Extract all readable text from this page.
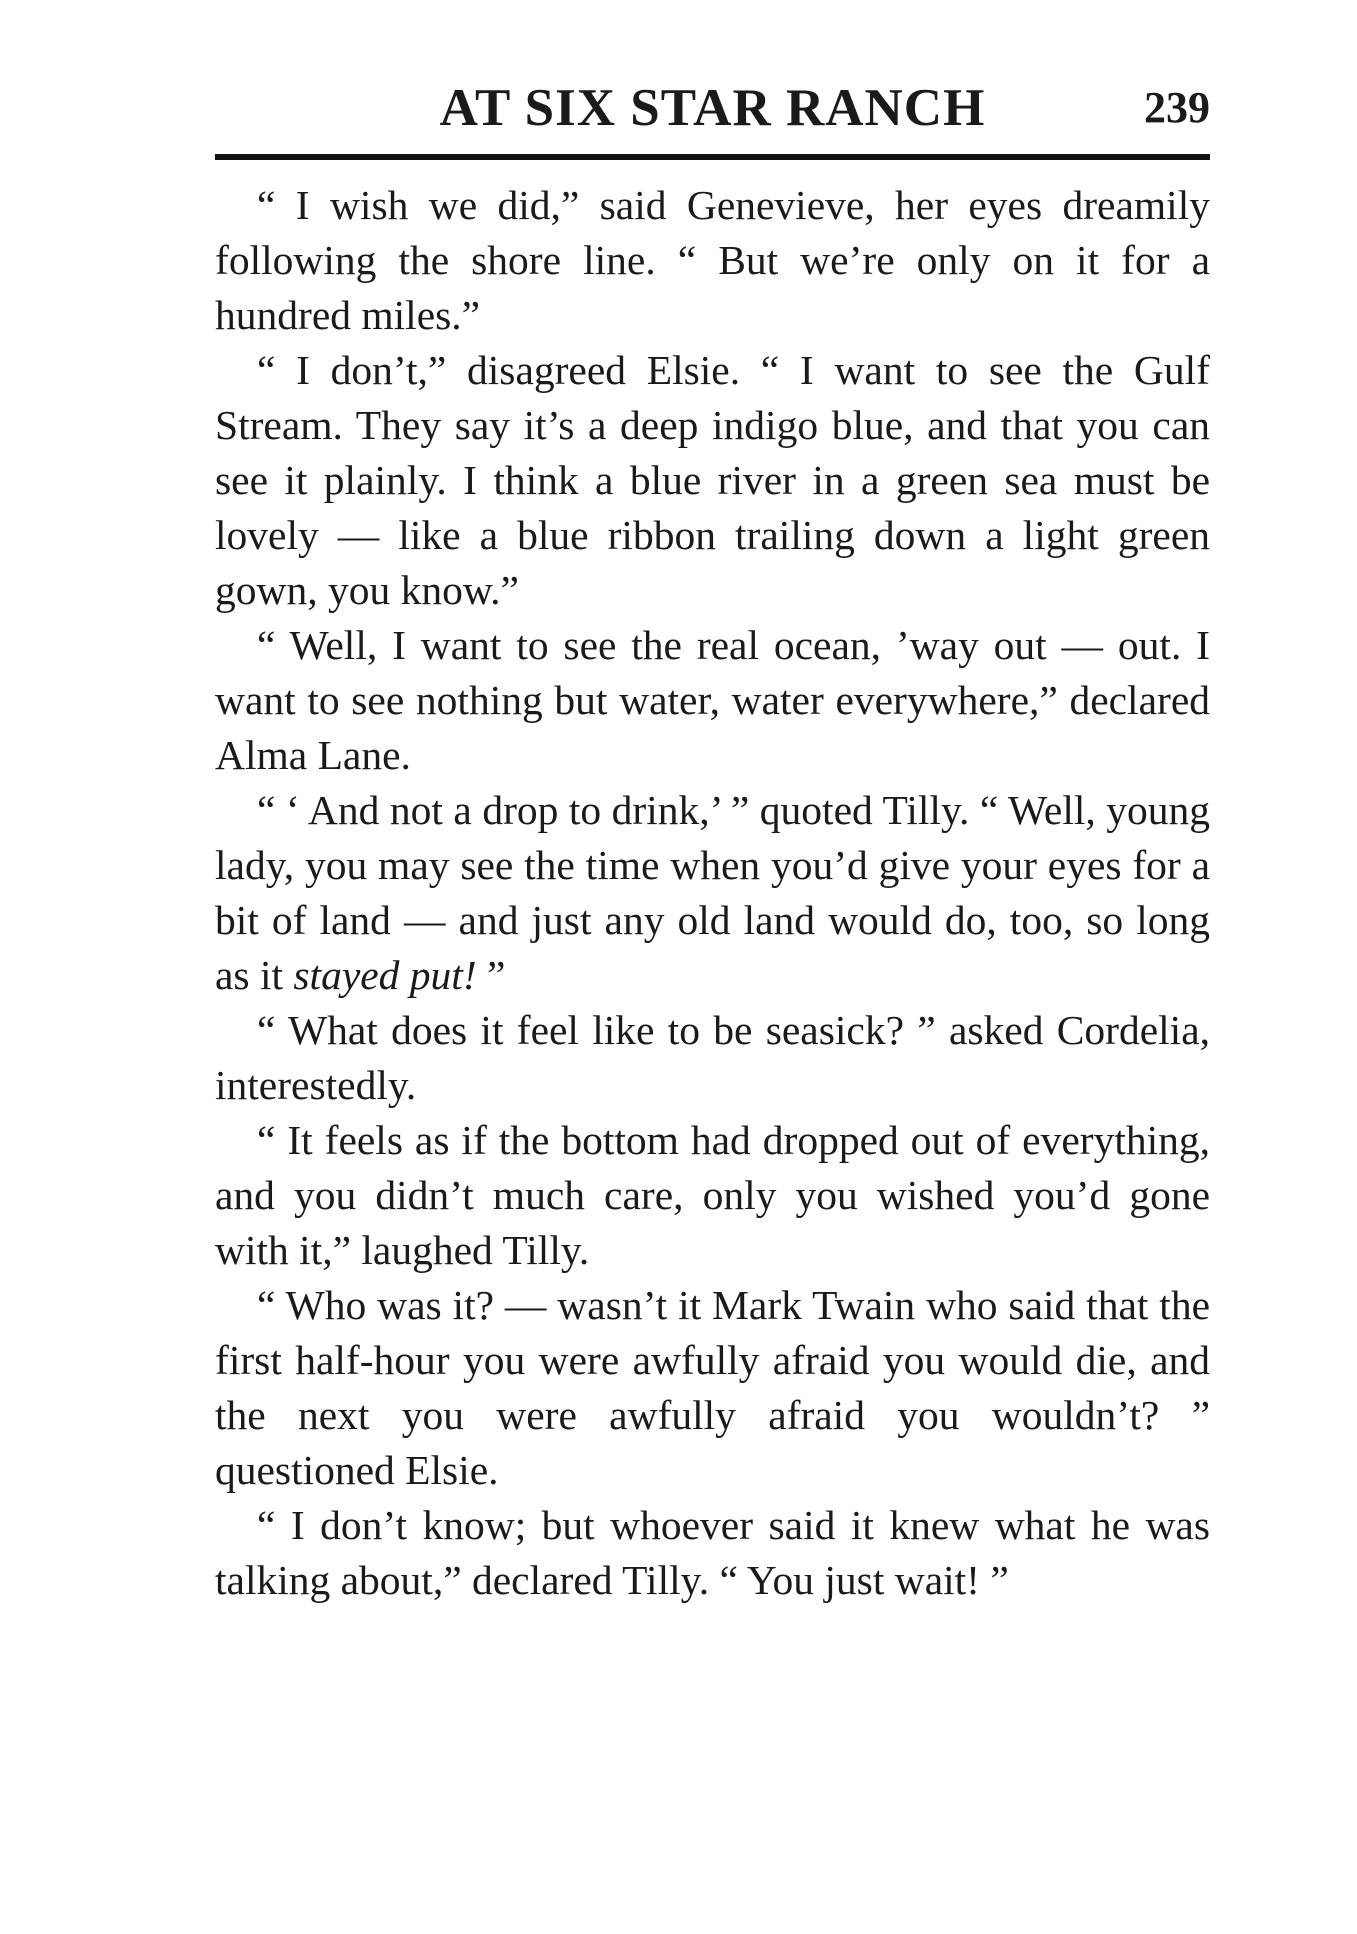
AT SIX STAR RANCH	239

“ I wish we did,” said Genevieve, her eyes dreamily following the shore line. “ But we’re only on it for a hundred miles.”

“ I don’t,” disagreed Elsie. “ I want to see the Gulf Stream. They say it’s a deep indigo blue, and that you can see it plainly. I think a blue river in a green sea must be lovely — like a blue ribbon trailing down a light green gown, you know.”

“ Well, I want to see the real ocean, ’way out — out. I want to see nothing but water, water everywhere,” declared Alma Lane.

“ ‘ And not a drop to drink,’ ” quoted Tilly. “ Well, young lady, you may see the time when you’d give your eyes for a bit of land — and just any old land would do, too, so long as it stayed put! ”

“ What does it feel like to be seasick? ” asked Cordelia, interestedly.

“ It feels as if the bottom had dropped out of everything, and you didn’t much care, only you wished you’d gone with it,” laughed Tilly.

“ Who was it? — wasn’t it Mark Twain who said that the first half-hour you were awfully afraid you would die, and the next you were awfully afraid you wouldn’t? ” questioned Elsie.

“ I don’t know; but whoever said it knew what he was talking about,” declared Tilly. “ You just wait! ”
